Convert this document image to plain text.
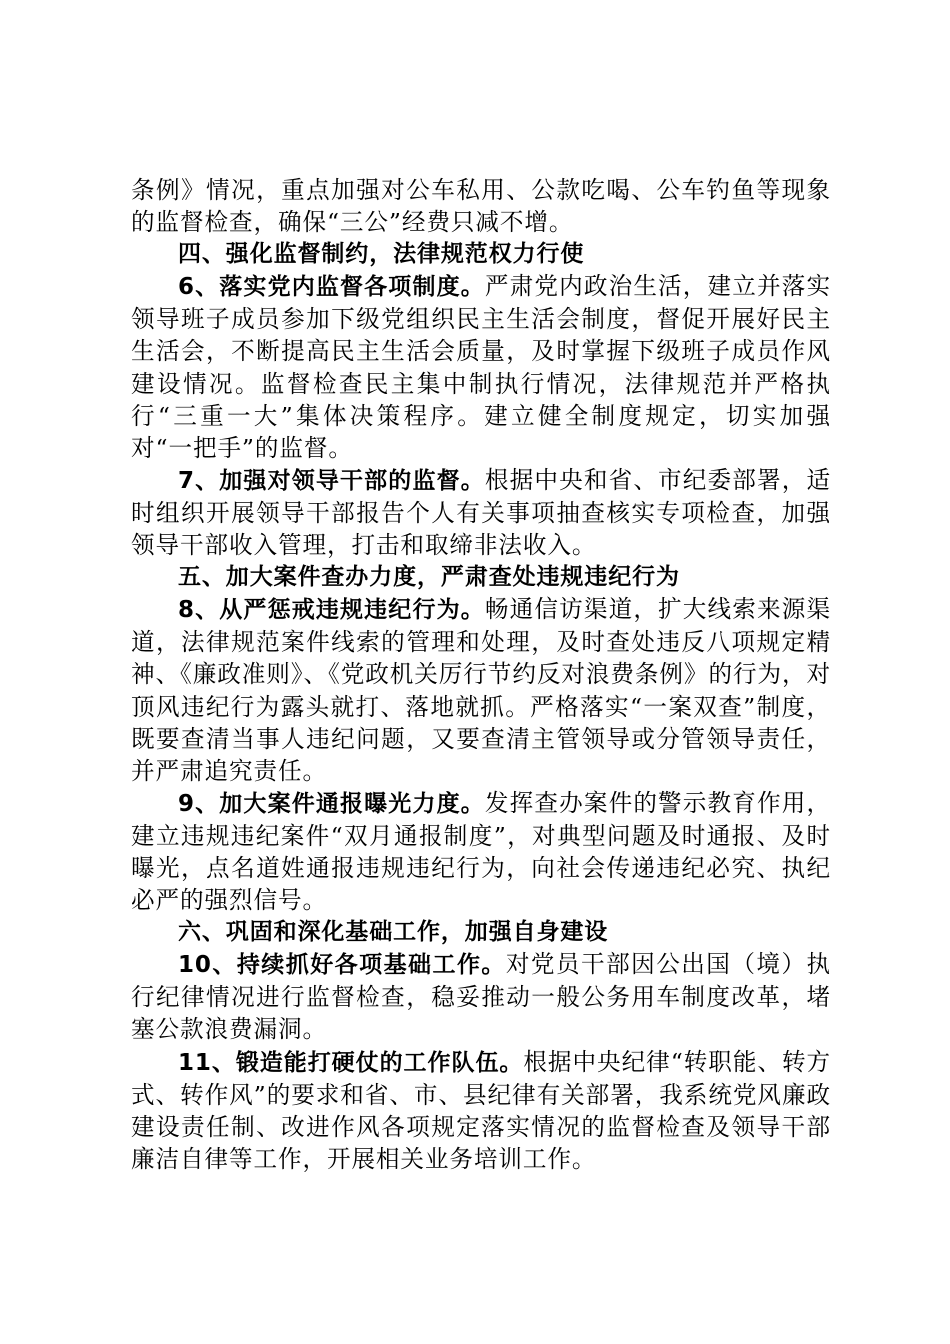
条例》情况，重点加强对公车私用、公款吃喝、公车钓鱼等现象的监督检查，确保“三公”经费只减不增。

四、强化监督制约，法律规范权力行使

6、落实党内监督各项制度。严肃党内政治生活，建立并落实领导班子成员参加下级党组织民主生活会制度，督促开展好民主生活会，不断提高民主生活会质量，及时掌握下级班子成员作风建设情况。监督检查民主集中制执行情况，法律规范并严格执行“三重一大”集体决策程序。建立健全制度规定，切实加强对“一把手”的监督。

7、加强对领导干部的监督。根据中央和省、市纪委部署，适时组织开展领导干部报告个人有关事项抽查核实专项检查，加强领导干部收入管理，打击和取缔非法收入。

五、加大案件查办力度，严肃查处违规违纪行为

8、从严惩戒违规违纪行为。畅通信访渠道，扩大线索来源渠道，法律规范案件线索的管理和处理，及时查处违反八项规定精神、《廉政准则》、《党政机关厉行节约反对浪费条例》的行为，对顶风违纪行为露头就打、落地就抓。严格落实“一案双查”制度，既要查清当事人违纪问题，又要查清主管领导或分管领导责任，并严肃追究责任。

9、加大案件通报曝光力度。发挥查办案件的警示教育作用，建立违规违纪案件“双月通报制度”，对典型问题及时通报、及时曝光，点名道姓通报违规违纪行为，向社会传递违纪必究、执纪必严的强烈信号。

六、巩固和深化基础工作，加强自身建设

10、持续抓好各项基础工作。对党员干部因公出国（境）执行纪律情况进行监督检查，稳妥推动一般公务用车制度改革，堵塞公款浪费漏洞。

11、锻造能打硬仗的工作队伍。根据中央纪律“转职能、转方式、转作风”的要求和省、市、县纪律有关部署，我系统党风廉政建设责任制、改进作风各项规定落实情况的监督检查及领导干部廉洁自律等工作，开展相关业务培训工作。
